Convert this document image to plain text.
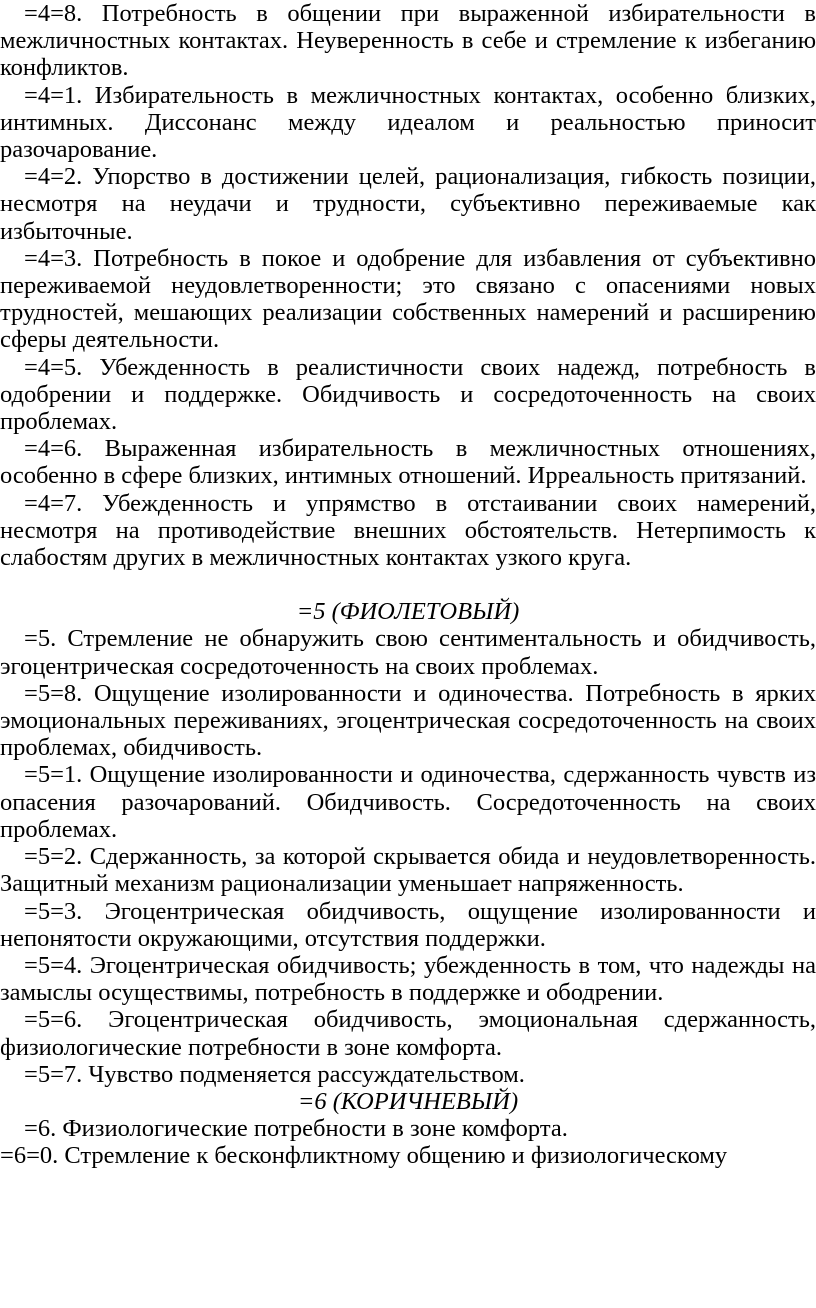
=4=8. Потребность в общении при выраженной избирательности в межличностных контактах. Неуверенность в себе и стремление к избеганию конфликтов.

=4=1. Избирательность в межличностных контактах, особенно близких, интимных. Диссонанс между идеалом и реальностью приносит разочарование.

=4=2. Упорство в достижении целей, рационализация, гибкость позиции, несмотря на неудачи и трудности, субъективно переживаемые как избыточные.

=4=3. Потребность в покое и одобрение для избавления от субъективно переживаемой неудовлетворенности; это связано с опасениями новых трудностей, мешающих реализации собственных намерений и расширению сферы деятельности.

=4=5. Убежденность в реалистичности своих надежд, потребность в одобрении и поддержке. Обидчивость и сосредоточенность на своих проблемах.

=4=6. Выраженная избирательность в межличностных отношениях, особенно в сфере близких, интимных отношений. Ирреальность притязаний.

=4=7. Убежденность и упрямство в отстаивании своих намерений, несмотря на противодействие внешних обстоятельств. Нетерпимость к слабостям других в межличностных контактах узкого круга.

=5 (ФИОЛЕТОВЫЙ)

=5. Стремление не обнаружить свою сентиментальность и обидчивость, эгоцентрическая сосредоточенность на своих проблемах.

=5=8. Ощущение изолированности и одиночества. Потребность в ярких эмоциональных переживаниях, эгоцентрическая сосредоточенность на своих проблемах, обидчивость.

=5=1. Ощущение изолированности и одиночества, сдержанность чувств из опасения разочарований. Обидчивость. Сосредоточенность на своих проблемах.

=5=2. Сдержанность, за которой скрывается обида и неудовлетворенность. Защитный механизм рационализации уменьшает напряженность.

=5=3. Эгоцентрическая обидчивость, ощущение изолированности и непонятости окружающими, отсутствия поддержки.

=5=4. Эгоцентрическая обидчивость; убежденность в том, что надежды на замыслы осуществимы, потребность в поддержке и ободрении.

=5=6. Эгоцентрическая обидчивость, эмоциональная сдержанность, физиологические потребности в зоне комфорта.

=5=7. Чувство подменяется рассуждательством.

=6 (КОРИЧНЕВЫЙ)

=6. Физиологические потребности в зоне комфорта.

=6=0. Стремление к бесконфликтному общению и физиологическому
